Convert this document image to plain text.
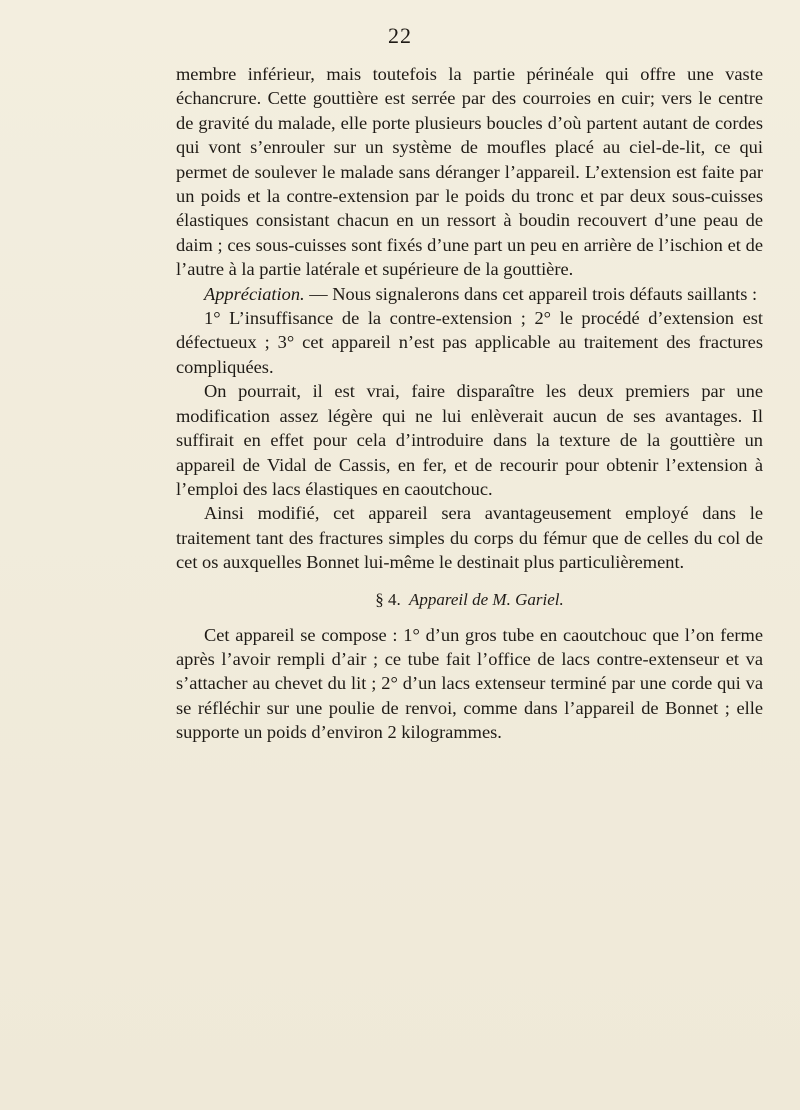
22

membre inférieur, mais toutefois la partie périnéale qui offre une vaste échancrure. Cette gouttière est serrée par des courroies en cuir; vers le centre de gravité du malade, elle porte plusieurs boucles d’où partent autant de cordes qui vont s’enrouler sur un système de moufles placé au ciel-de-lit, ce qui permet de soulever le malade sans déranger l’appareil. L’extension est faite par un poids et la contre-extension par le poids du tronc et par deux sous-cuisses élastiques consistant chacun en un ressort à boudin recouvert d’une peau de daim ; ces sous-cuisses sont fixés d’une part un peu en arrière de l’ischion et de l’autre à la partie latérale et supérieure de la gouttière.

Appréciation. — Nous signalerons dans cet appareil trois défauts saillants :

1° L’insuffisance de la contre-extension ; 2° le procédé d’extension est défectueux ; 3° cet appareil n’est pas applicable au traitement des fractures compliquées.

On pourrait, il est vrai, faire disparaître les deux premiers par une modification assez légère qui ne lui enlèverait aucun de ses avantages. Il suffirait en effet pour cela d’introduire dans la texture de la gouttière un appareil de Vidal de Cassis, en fer, et de recourir pour obtenir l’extension à l’emploi des lacs élastiques en caoutchouc.

Ainsi modifié, cet appareil sera avantageusement employé dans le traitement tant des fractures simples du corps du fémur que de celles du col de cet os auxquelles Bonnet lui-même le destinait plus particulièrement.

§ 4. Appareil de M. Gariel.

Cet appareil se compose : 1° d’un gros tube en caoutchouc que l’on ferme après l’avoir rempli d’air ; ce tube fait l’office de lacs contre-extenseur et va s’attacher au chevet du lit ; 2° d’un lacs extenseur terminé par une corde qui va se réfléchir sur une poulie de renvoi, comme dans l’appareil de Bonnet ; elle supporte un poids d’environ 2 kilogrammes.
